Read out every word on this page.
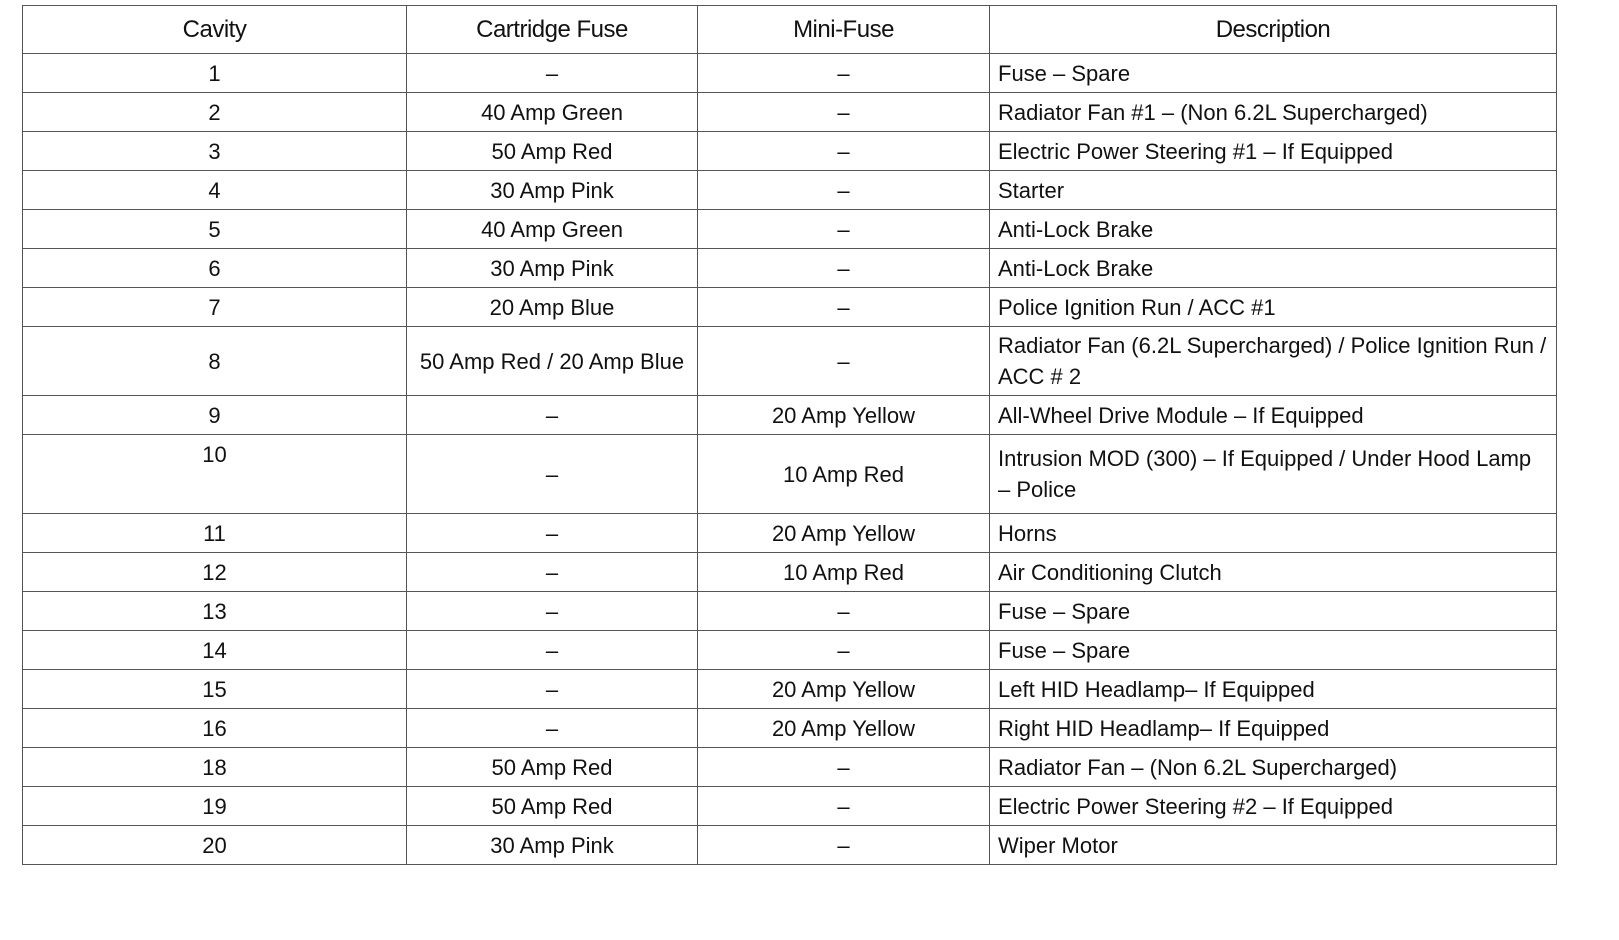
Cavity	Cartridge Fuse	Mini-Fuse	Description
1	–	–	Fuse – Spare
2	40 Amp Green	–	Radiator Fan #1 – (Non 6.2L Supercharged)
3	50 Amp Red	–	Electric Power Steering #1 – If Equipped
4	30 Amp Pink	–	Starter
5	40 Amp Green	–	Anti-Lock Brake
6	30 Amp Pink	–	Anti-Lock Brake
7	20 Amp Blue	–	Police Ignition Run / ACC #1
8	50 Amp Red / 20 Amp Blue	–	Radiator Fan (6.2L Supercharged) / Police Ignition Run / ACC # 2
9	–	20 Amp Yellow	All-Wheel Drive Module – If Equipped
10	–	10 Amp Red	Intrusion MOD (300) – If Equipped / Under Hood Lamp – Police
11	–	20 Amp Yellow	Horns
12	–	10 Amp Red	Air Conditioning Clutch
13	–	–	Fuse – Spare
14	–	–	Fuse – Spare
15	–	20 Amp Yellow	Left HID Headlamp– If Equipped
16	–	20 Amp Yellow	Right HID Headlamp– If Equipped
18	50 Amp Red	–	Radiator Fan – (Non 6.2L Supercharged)
19	50 Amp Red	–	Electric Power Steering #2 – If Equipped
20	30 Amp Pink	–	Wiper Motor
